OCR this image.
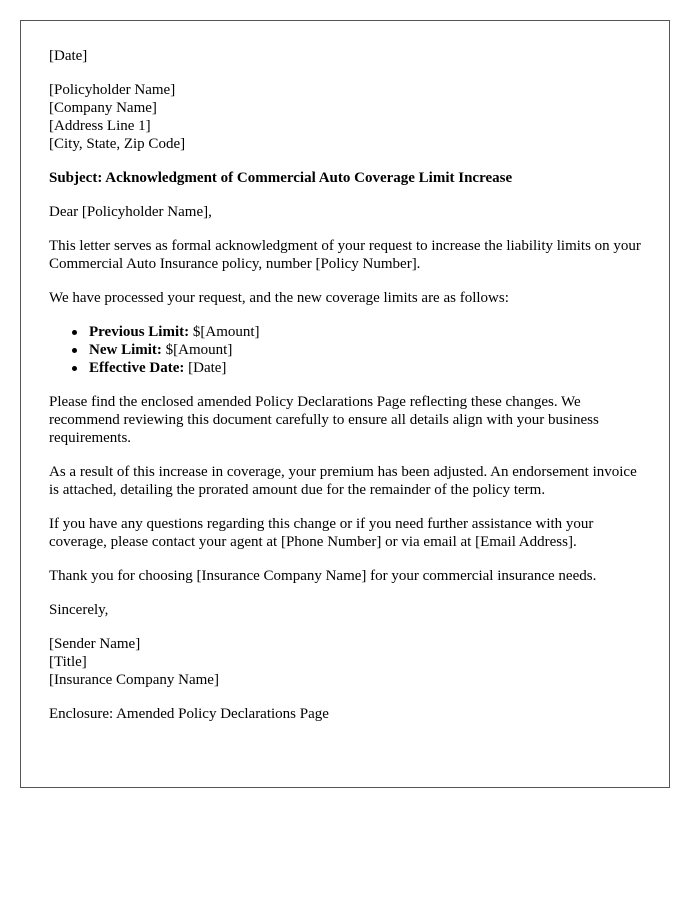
[Date]
[Policyholder Name]
[Company Name]
[Address Line 1]
[City, State, Zip Code]
Subject: Acknowledgment of Commercial Auto Coverage Limit Increase

Dear [Policyholder Name],

This letter serves as formal acknowledgment of your request to increase the liability limits on your Commercial Auto Insurance policy, number [Policy Number].

We have processed your request, and the new coverage limits are as follows:

Previous Limit: $[Amount]
New Limit: $[Amount]
Effective Date: [Date]

Please find the enclosed amended Policy Declarations Page reflecting these changes. We recommend reviewing this document carefully to ensure all details align with your business requirements.

As a result of this increase in coverage, your premium has been adjusted. An endorsement invoice is attached, detailing the prorated amount due for the remainder of the policy term.

If you have any questions regarding this change or if you need further assistance with your coverage, please contact your agent at [Phone Number] or via email at [Email Address].

Thank you for choosing [Insurance Company Name] for your commercial insurance needs.

Sincerely,

[Sender Name]
[Title]
[Insurance Company Name]
Enclosure: Amended Policy Declarations Page
